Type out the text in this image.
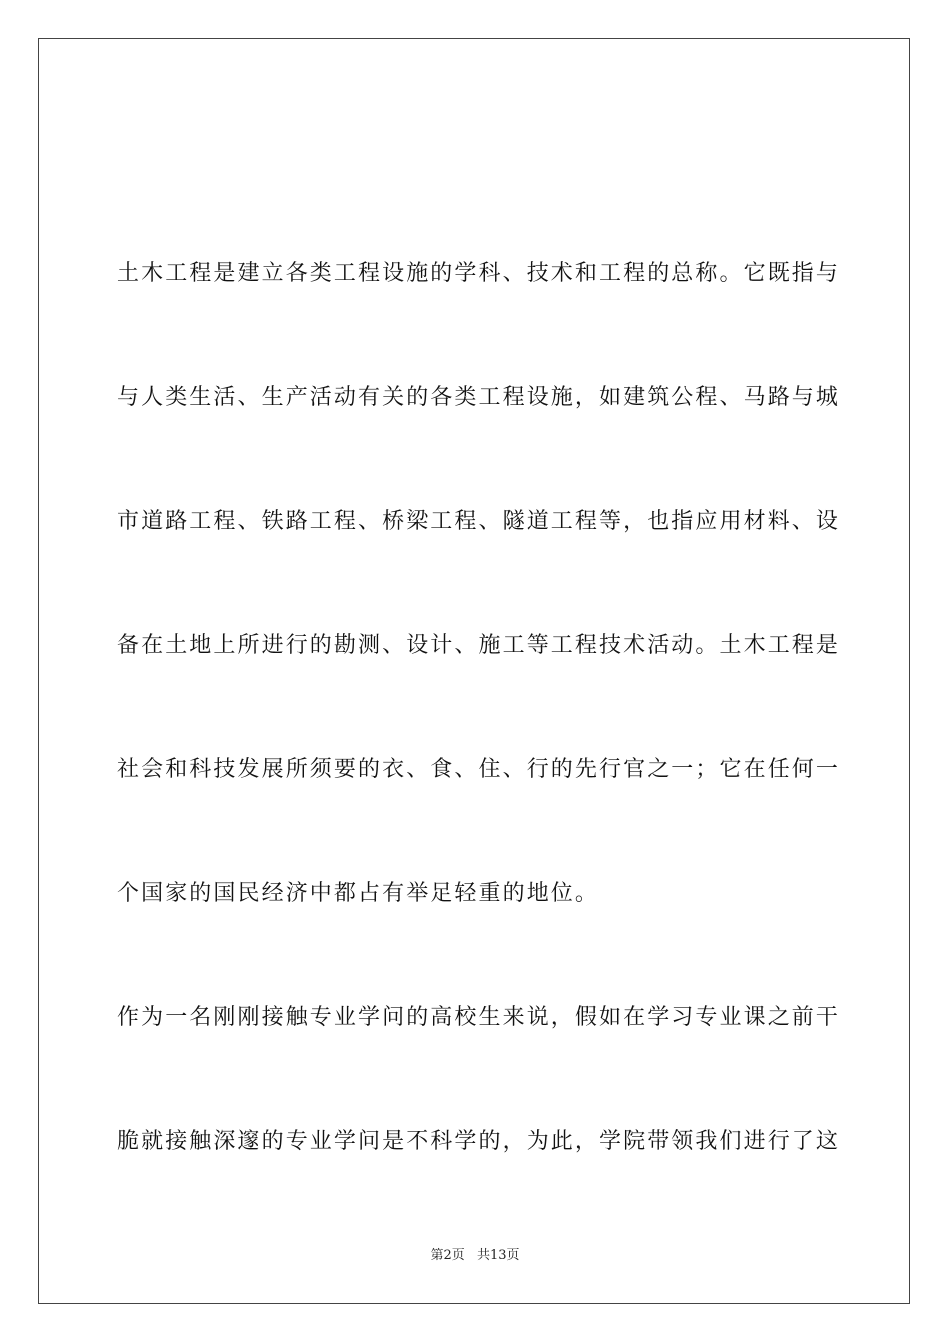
土木工程是建立各类工程设施的学科、技术和工程的总称。它既指与
与人类生活、生产活动有关的各类工程设施，如建筑公程、马路与城
市道路工程、铁路工程、桥梁工程、隧道工程等，也指应用材料、设
备在土地上所进行的勘测、设计、施工等工程技术活动。土木工程是
社会和科技发展所须要的衣、食、住、行的先行官之一；它在任何一
个国家的国民经济中都占有举足轻重的地位。
作为一名刚刚接触专业学问的高校生来说，假如在学习专业课之前干
脆就接触深邃的专业学问是不科学的，为此，学院带领我们进行了这
第2页 共13页
